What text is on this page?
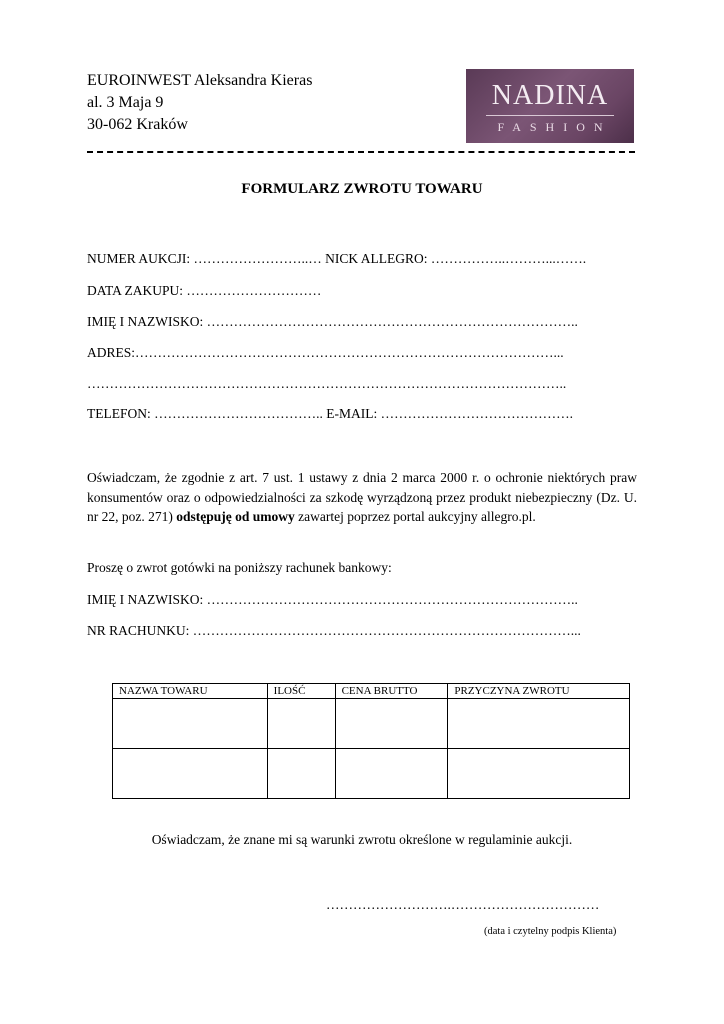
EUROINWEST Aleksandra Kieras
al. 3 Maja 9
30-062 Kraków
NADINA
FASHION
FORMULARZ ZWROTU TOWARU
NUMER AUKCJI: ……………………..… NICK ALLEGRO: ……………..………...…….
DATA ZAKUPU: …………………………
IMIĘ I NAZWISKO: ………………………………………………………………………..
ADRES:…………………………………………………………………………………...
……………………………………………………………………………………………..
TELEFON: ……………………………….. E-MAIL: …………………………………….
Oświadczam, że zgodnie z art. 7 ust. 1 ustawy z dnia 2 marca 2000 r. o ochronie niektórych praw konsumentów oraz o odpowiedzialności za szkodę wyrządzoną przez produkt niebezpieczny (Dz. U. nr 22, poz. 271) odstępuję od umowy zawartej poprzez portal aukcyjny allegro.pl.
Proszę o zwrot gotówki na poniższy rachunek bankowy:
IMIĘ I NAZWISKO: ………………………………………………………………………..
NR RACHUNKU: …………………………………………………………………………...
NAZWA TOWARU	ILOŚĆ	CENA BRUTTO	PRZYCZYNA ZWROTU

Oświadczam, że znane mi są warunki zwrotu określone w regulaminie aukcji.
……………………….……………………………
(data i czytelny podpis Klienta)
